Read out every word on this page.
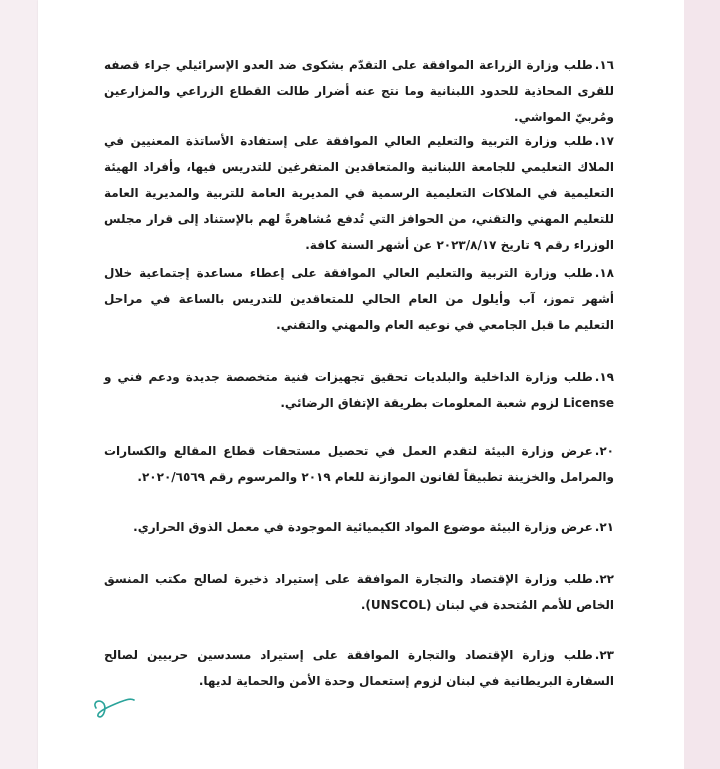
١٦.طلب وزارة الزراعة الموافقة على التقدّم بشكوى ضد العدو الإسرائيلي جراء قصفه للقرى المحاذية للحدود اللبنانية وما نتج عنه أضرار طالت القطاع الزراعي والمزارعين ومُربيّ المواشي.
١٧.طلب وزارة التربية والتعليم العالي الموافقة على إستفادة الأساتذة المعنيين في الملاك التعليمي للجامعة اللبنانية والمتعاقدين المتفرغين للتدريس فيها، وأفراد الهيئة التعليمية في الملاكات التعليمية الرسمية في المديرية العامة للتربية والمديرية العامة للتعليم المهني والتقني، من الحوافز التي تُدفع مُشاهرةً لهم بالإستناد إلى قرار مجلس الوزراء رقم ٩ تاريخ ٢٠٢٣/٨/١٧ عن أشهر السنة كافة.
١٨.طلب وزارة التربية والتعليم العالي الموافقة على إعطاء مساعدة إجتماعية خلال أشهر تموز، آب وأيلول من العام الحالي للمتعاقدين للتدريس بالساعة في مراحل التعليم ما قبل الجامعي في نوعيه العام والمهني والتقني.
١٩.طلب وزارة الداخلية والبلديات تحقيق تجهيزات فنية متخصصة جديدة ودعم فني و License لزوم شعبة المعلومات بطريقة الإتفاق الرضائي.
٢٠.عرض وزارة البيئة لتقدم العمل في تحصيل مستحقات قطاع المقالع والكسارات والمرامل والخزينة تطبيقاً لقانون الموازنة للعام ٢٠١٩ والمرسوم رقم ٢٠٢٠/٦٥٦٩.
٢١.عرض وزارة البيئة موضوع المواد الكيميائية الموجودة في معمل الذوق الحراري.
٢٢.طلب وزارة الإقتصاد والتجارة الموافقة على إستيراد ذخيرة لصالح مكتب المنسق الخاص للأمم المُتحدة في لبنان (UNSCOL).
٢٣.طلب وزارة الإقتصاد والتجارة الموافقة على إستيراد مسدسين حربيين لصالح السفارة البريطانية في لبنان لزوم إستعمال وحدة الأمن والحماية لديها.
